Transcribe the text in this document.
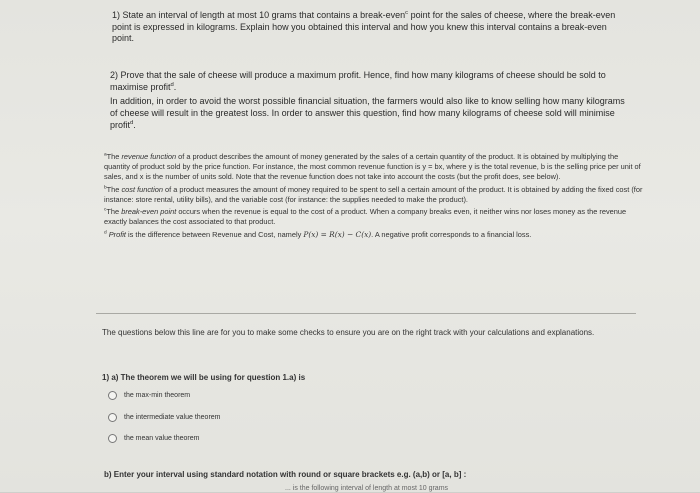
1) State an interval of length at most 10 grams that contains a break-even$^c$ point for the sales of cheese, where the break-even point is expressed in kilograms. Explain how you obtained this interval and how you knew this interval contains a break-even point.

2) Prove that the sale of cheese will produce a maximum profit. Hence, find how many kilograms of cheese should be sold to maximise profit$^d$.

In addition, in order to avoid the worst possible financial situation, the farmers would also like to know selling how many kilograms of cheese will result in the greatest loss. In order to answer this question, find how many kilograms of cheese sold will minimise profit$^d$.

$^a$The revenue function of a product describes the amount of money generated by the sales of a certain quantity of the product. It is obtained by multiplying the quantity of product sold by the price function. For instance, the most common revenue function is y = bx, where y is the total revenue, b is the selling price per unit of sales, and x is the number of units sold. Note that the revenue function does not take into account the costs (but the profit does, see below).

$^b$The cost function of a product measures the amount of money required to be spent to sell a certain amount of the product. It is obtained by adding the fixed cost (for instance: store rental, utility bills), and the variable cost (for instance: the supplies needed to make the product).

$^c$The break-even point occurs when the revenue is equal to the cost of a product. When a company breaks even, it neither wins nor loses money as the revenue exactly balances the cost associated to that product.

$^d$ Profit is the difference between Revenue and Cost, namely P(x) = R(x) − C(x). A negative profit corresponds to a financial loss.

The questions below this line are for you to make some checks to ensure you are on the right track with your calculations and explanations.
1) a) The theorem we will be using for question 1.a) is
the max-min theorem
the intermediate value theorem
the mean value theorem
b) Enter your interval using standard notation with round or square brackets e.g. (a,b) or [a, b] :
... is the following interval of length at most 10 grams
